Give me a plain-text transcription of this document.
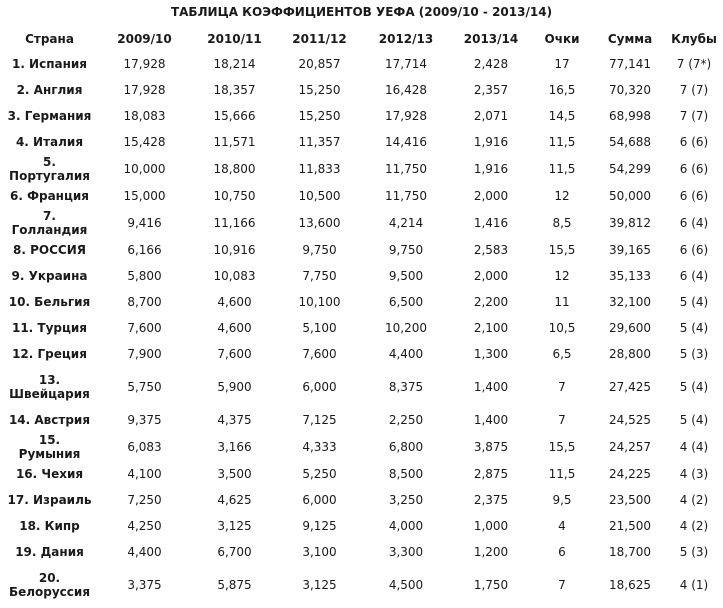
ТАБЛИЦА КОЭФФИЦИЕНТОВ УЕФА (2009/10 - 2013/14)
Страна	2009/10	2010/11	2011/12	2012/13	2013/14	Очки	Сумма	Клубы
1. Испания	17,928	18,214	20,857	17,714	2,428	17	77,141	7 (7*)
2. Англия	17,928	18,357	15,250	16,428	2,357	16,5	70,320	7 (7)
3. Германия	18,083	15,666	15,250	17,928	2,071	14,5	68,998	7 (7)
4. Италия	15,428	11,571	11,357	14,416	1,916	11,5	54,688	6 (6)
5. Португалия	10,000	18,800	11,833	11,750	1,916	11,5	54,299	6 (6)
6. Франция	15,000	10,750	10,500	11,750	2,000	12	50,000	6 (6)
7. Голландия	9,416	11,166	13,600	4,214	1,416	8,5	39,812	6 (4)
8. РОССИЯ	6,166	10,916	9,750	9,750	2,583	15,5	39,165	6 (6)
9. Украина	5,800	10,083	7,750	9,500	2,000	12	35,133	6 (4)
10. Бельгия	8,700	4,600	10,100	6,500	2,200	11	32,100	5 (4)
11. Турция	7,600	4,600	5,100	10,200	2,100	10,5	29,600	5 (4)
12. Греция	7,900	7,600	7,600	4,400	1,300	6,5	28,800	5 (3)
13. Швейцария	5,750	5,900	6,000	8,375	1,400	7	27,425	5 (4)
14. Австрия	9,375	4,375	7,125	2,250	1,400	7	24,525	5 (4)
15. Румыния	6,083	3,166	4,333	6,800	3,875	15,5	24,257	4 (4)
16. Чехия	4,100	3,500	5,250	8,500	2,875	11,5	24,225	4 (3)
17. Израиль	7,250	4,625	6,000	3,250	2,375	9,5	23,500	4 (2)
18. Кипр	4,250	3,125	9,125	4,000	1,000	4	21,500	4 (2)
19. Дания	4,400	6,700	3,100	3,300	1,200	6	18,700	5 (3)
20. Белоруссия	3,375	5,875	3,125	4,500	1,750	7	18,625	4 (1)
